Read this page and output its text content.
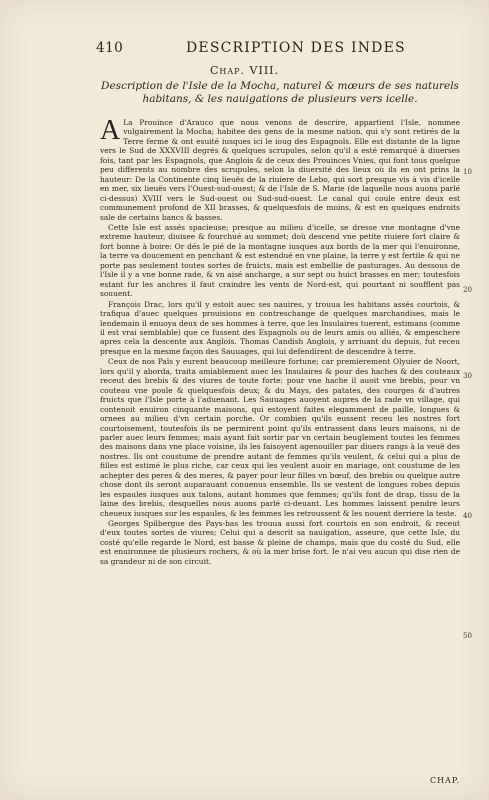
410	DESCRIPTION DES INDES
Chap. VIII.
Description de l'Isle de la Mocha, naturel & mœurs de ses naturels habitans, & les nauigations de plusieurs vers icelle.

A La Prouince d'Arauco que nous venons de descrire, appartient l'Isle, nommee vulgairement la Mocha; habitee des gens de la mesme nation, qui s'y sont retirés de la Terre ferme & ont esuité iusques ici le ioug des Espagnols. Elle est distante de la ligne vers le Sud de XXXVIII degrés & quelques scrupules, selon qu'il a esté remarqué à diuerses fois, tant par les Espagnols, que Anglois & de ceux des Prouinces Vnies, qui font tous quelque peu differents au nombre des scrupules, selon la diuersité des lieux où ils en ont prins la hauteur: De la Continente cinq lieuës de la riuiere de Lebo, qui sort presque vis à vis d'icelle en mer, six lieuës vers l'Ouest-sud-ouest; & de l'Isle de S. Marie (de laquelle nous auons parlé ci-dessus) XVIII vers le Sud-ouest ou Sud-sud-ouest. Le canal qui coule entre deux est communement profond de XII brasses, & quelquesfois de moins, & est en quelques endroits sale de certains bancs & basses.

Cette Isle est assés spacieuse; presque au milieu d'icelle, se dresse vne montagne d'vne extreme hauteur, diuisee & fourchué au sommet; doù descend vne petite riuiere fort claire & fort bonne à boire: Or dés le pié de la montagne iusques aux bords de la mer qui l'enuironne, la terre va doucement en penchant & est estendué en vne plaine, la terre y est fertile & qui ne porte pas seulement toutes sortes de fruicts, mais est embellie de pasturages. Au dessous de l'Isle il y a vne bonne rade, & vn aisé ancharge, a sur sept ou huict brasses en mer; toutesfois estant fur les anchres il faut craindre les vents de Nord-est, qui pourtant ni soufflent pas souuent.

François Drac, lors qu'il y estoit auec ses nauires, y trouua les habitans assés courtois, & trafiqua d'auec quelques prouisions en contreschange de quelques marchandises, mais le lendemain il enuoya deux de ses hommes à terre, que les Insulaires tuerent, estimans (comme il est vrai semblable) que ce fussent des Espagnols ou de leurs amis ou alliés, & empeschere apres cela la descente aux Anglois. Thomas Candish Anglois, y arriuant du depuis, fut receu presque en la mesme façon des Sauuages, qui lui defendirent de descendre à terre.

Ceux de nos Païs y eurent beaucoup meilleure fortune; car premierement Olyuier de Noort, lors qu'il y aborda, traita amiablement auec les Insulaires & pour des haches & des couteaux receut des brebis & des viures de toute forte: pour vne hache il auoit vne brebis, pour vn couteau vne poule & quelquesfois deux; & du Mays, des patates, des courges & d'autres fruicts que l'Isle porte à l'aduenant. Les Sauuages auoyent aupres de la rade vn village, qui contenoit enuiron cinquante maisons, qui estoyent faites elegamment de paille, longues & ornees au milieu d'vn certain porche. Or combien qu'ils eussent receu les nostres fort courtoisement, toutesfois ils ne permirent point qu'ils entrassent dans leurs maisons, ni de parler auec leurs femmes; mais ayant fait sortir par vn certain beuglement toutes les femmes des maisons dans vne place voisine, ils les faisoyent agenouiller par diuers rangs à la veuë des nostres. Ils ont coustume de prendre autant de femmes qu'ils veulent, & celui qui a plus de filles est estimé le plus riche, car ceux qui les veulent auoir en mariage, ont coustume de les achepter des peres & des meres, & payer pour leur filles vn bœuf, des brebis ou quelque autre chose dont ils seront auparauant conuenus ensemble. Ils se vestent de longues robes depuis les espaules iusques aux talons, autant hommes que femmes; qu'ils font de drap, tissu de la laine des brebis, desquelles nous auons parlé ci-deuant. Les hommes laissent pendre leurs cheueux iusques sur les espaules, & les femmes les retroussent & les nouent derriere la teste.

Georges Spilbergue des Pays-bas les trouua aussi fort courtois en son endroit, & receut d'eux toutes sortes de viures; Celui qui a descrit sa nauigation, asseure, que cette Isle, du costé qu'elle regarde le Nord, est basse & pleine de champs, mais que du costé du Sud, elle est enuironnee de plusieurs rochers, & où la mer brise fort. Ie n'ai veu aucun qui dise rien de sa grandeur ni de son circuit.

10
20
30
40
50
CHAP.
